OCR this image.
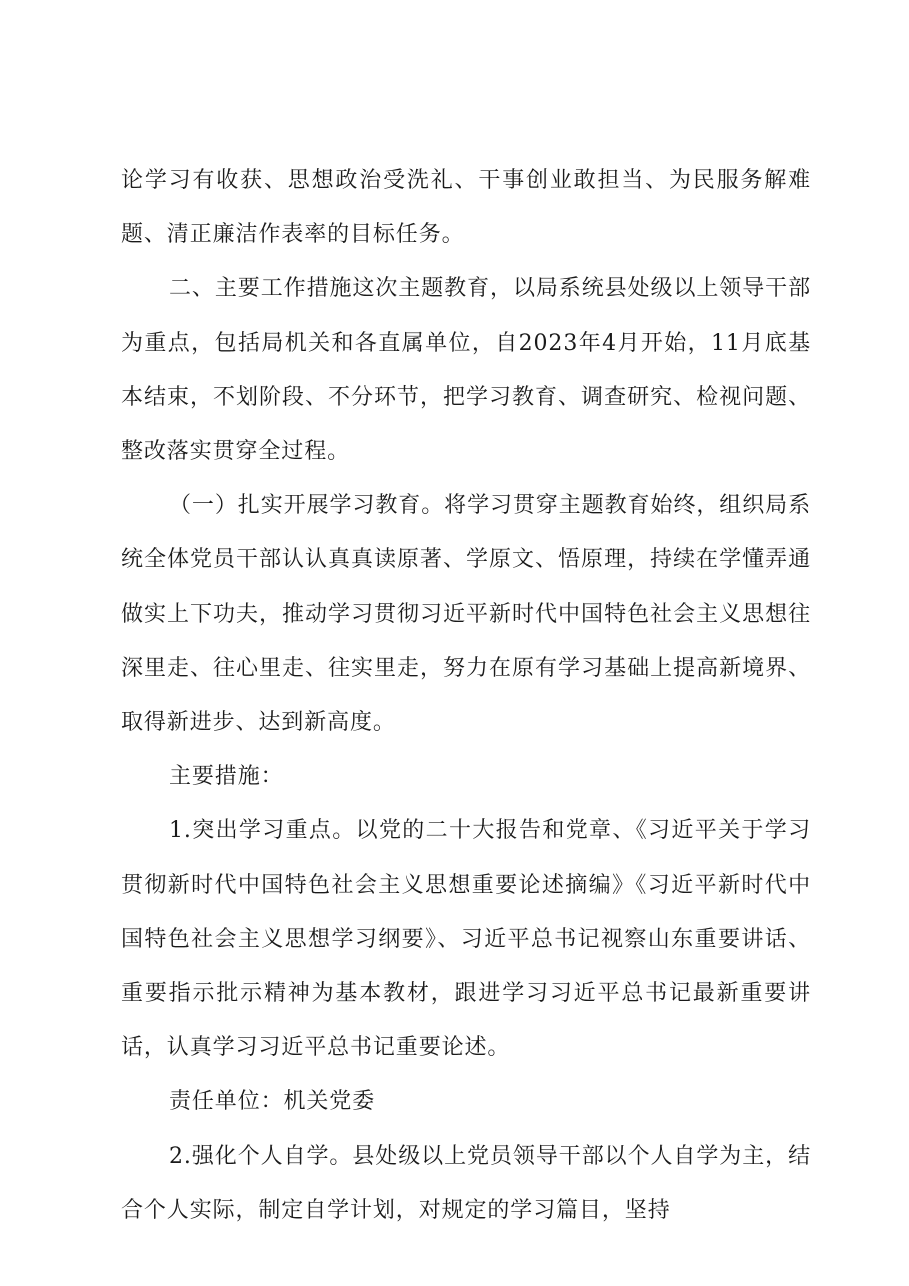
论学习有收获、思想政治受洗礼、干事创业敢担当、为民服务解难题、清正廉洁作表率的目标任务。

二、主要工作措施这次主题教育，以局系统县处级以上领导干部为重点，包括局机关和各直属单位，自2023年4月开始，11月底基本结束，不划阶段、不分环节，把学习教育、调查研究、检视问题、整改落实贯穿全过程。

（一）扎实开展学习教育。将学习贯穿主题教育始终，组织局系统全体党员干部认认真真读原著、学原文、悟原理，持续在学懂弄通做实上下功夫，推动学习贯彻习近平新时代中国特色社会主义思想往深里走、往心里走、往实里走，努力在原有学习基础上提高新境界、取得新进步、达到新高度。

主要措施：

1.突出学习重点。以党的二十大报告和党章、《习近平关于学习贯彻新时代中国特色社会主义思想重要论述摘编》《习近平新时代中国特色社会主义思想学习纲要》、习近平总书记视察山东重要讲话、重要指示批示精神为基本教材，跟进学习习近平总书记最新重要讲话，认真学习习近平总书记重要论述。

责任单位：机关党委

2.强化个人自学。县处级以上党员领导干部以个人自学为主，结合个人实际，制定自学计划，对规定的学习篇目，坚持
